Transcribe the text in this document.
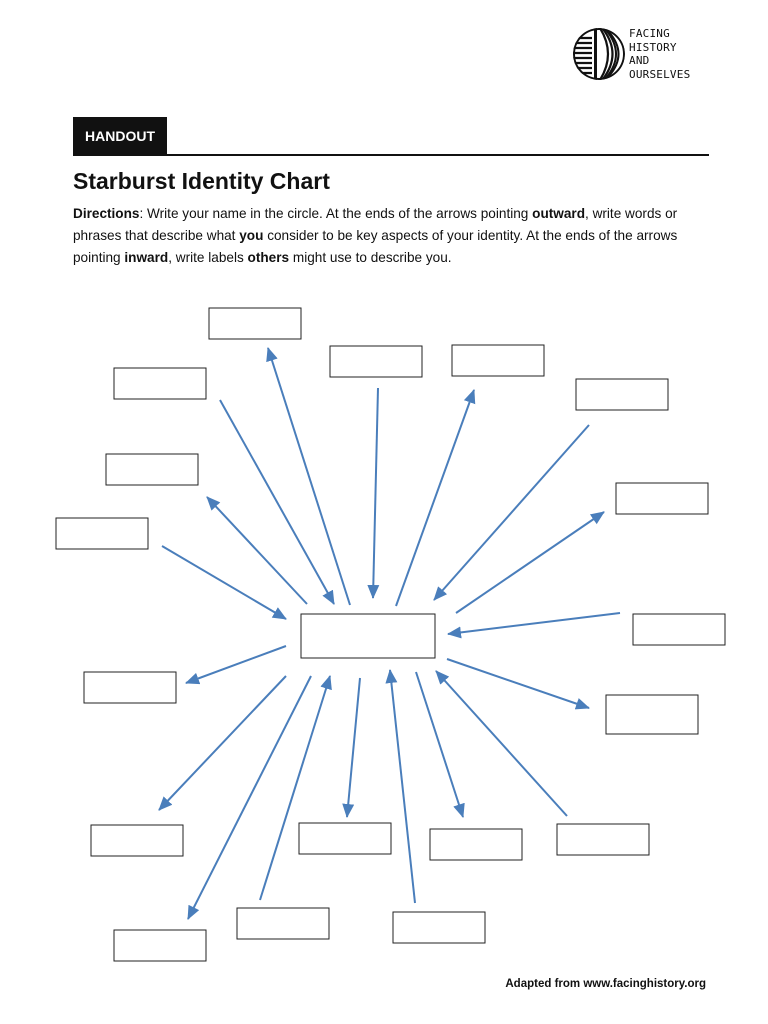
FACING
HISTORY
AND
OURSELVES
HANDOUT
Starburst Identity Chart

Directions: Write your name in the circle. At the ends of the arrows pointing outward, write words or phrases that describe what you consider to be key aspects of your identity. At the ends of the arrows pointing inward, write labels others might use to describe you.

Adapted from www.facinghistory.org
